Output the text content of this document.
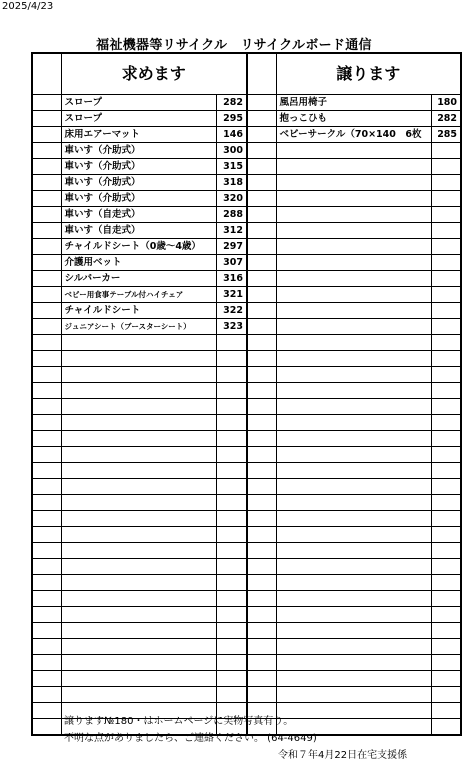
2025/4/23
福祉機器等リサイクル　リサイクルボード通信
	求めます			譲ります	
	スロープ	282		風呂用椅子	180
	スロープ	295		抱っこひも	282
	床用エアーマット	146		ベビーサークル（70×140　6枚	285
	車いす（介助式）	300			
	車いす（介助式）	315			
	車いす（介助式）	318			
	車いす（介助式）	320			
	車いす（自走式）	288			
	車いす（自走式）	312			
	チャイルドシート（0歳～4歳）	297			
	介護用ベット	307			
	シルバーカー	316			
	ベビー用食事テーブル付ハイチェア	321			
	チャイルドシート	322			
	ジュニアシート（ブースターシート）	323			

譲ります№180・はホームページに実物写真有り。
不明な点がありましたら、ご連絡ください。 (64-4649)
令和７年4月22日在宅支援係
